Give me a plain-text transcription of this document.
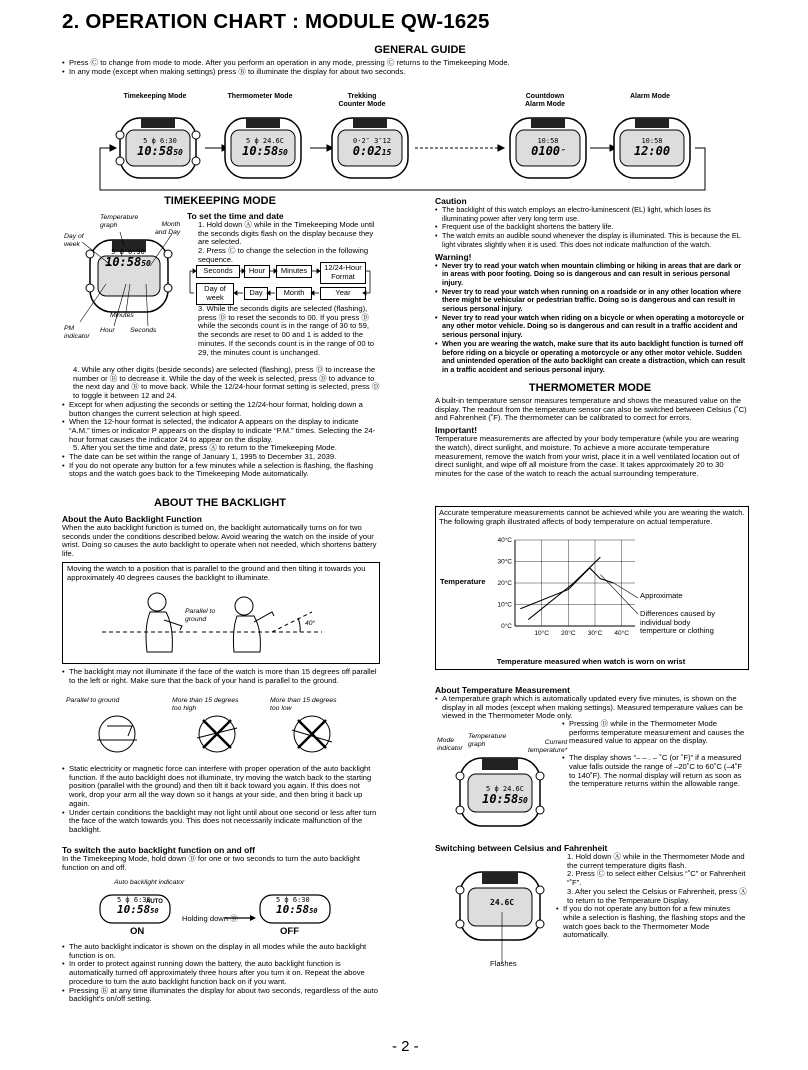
2. OPERATION CHART : MODULE QW-1625
GENERAL GUIDE
• Press Ⓒ to change from mode to mode. After you perform an operation in any mode, pressing Ⓒ returns to the Timekeeping Mode.
• In any mode (except when making settings) press Ⓑ to illuminate the display for about two seconds.
Timekeeping Mode	Thermometer Mode	Trekking
Counter Mode
Countdown
Alarm Mode
Alarm Mode
5 ф 6:30
10:5850
5 ф 24.6C
10:5850
0·2″ 3″12
0:0215
10:58
0100″
10:58
12:00
TIMEKEEPING MODE
5 ф 6:30
10:5850
Temperature
graph
Day of
week
Month
and Day
Minutes
PM
indicator
Hour Seconds
To set the time and date
1. Hold down Ⓐ while in the Timekeeping Mode until the seconds digits flash on the display because they are selected.
2. Press Ⓒ to change the selection in the following sequence.
Seconds	Hour	Minutes	12/24-Hour
Format
Day of
week
Day	Month	Year
3. While the seconds digits are selected (flashing), press Ⓓ to reset the seconds to 00. If you press Ⓓ while the seconds count is in the range of 30 to 59, the seconds are reset to 00 and 1 is added to the minutes. If the seconds count is in the range of 00 to 29, the minutes count is unchanged.
4. While any other digits (beside seconds) are selected (flashing), press Ⓓ to increase the number or Ⓑ to decrease it. While the day of the week is selected, press Ⓓ to advance to the next day and Ⓑ to move back. While the 12/24-hour format setting is selected, press Ⓓ to toggle it between 12 and 24.
• Except for when adjusting the seconds or setting the 12/24-hour format, holding down a button changes the current selection at high speed.
• When the 12-hour format is selected, the indicator A appears on the display to indicate “A.M.” times or indicator P appears on the display to indicate “P.M.” times. Selecting the 24-hour format causes the indicator 24 to appear on the display.
5. After you set the time and date, press Ⓐ to return to the Timekeeping Mode.
• The date can be set within the range of January 1, 1995 to December 31, 2039.
• If you do not operate any button for a few minutes while a selection is flashing, the flashing stops and the watch goes back to the Timekeeping Mode automatically.
ABOUT THE BACKLIGHT
About the Auto Backlight Function
When the auto backlight function is turned on, the backlight automatically turns on for two seconds under the conditions described below. Avoid wearing the watch on the inside of your wrist. Doing so causes the auto backlight to operate when not needed, which shortens battery life.
Moving the watch to a position that is parallel to the ground and then tilting it towards you approximately 40 degrees causes the backlight to illuminate.
Parallel to
ground
40°
• The backlight may not illuminate if the face of the watch is more than 15 degrees off parallel to the left or right. Make sure that the back of your hand is parallel to the ground.
Parallel to ground	More than 15 degrees
too high
More than 15 degrees
too low
• Static electricity or magnetic force can interfere with proper operation of the auto backlight function. If the auto backlight does not illuminate, try moving the watch back to the starting position (parallel with the ground) and then tilt it back toward you again. If this does not work, drop your arm all the way down so it hangs at your side, and then bring it back up again.
• Under certain conditions the backlight may not light until about one second or less after turn the face of the watch towards you. This does not necessarily indicate malfunction of the backlight.
To switch the auto backlight function on and off
In the Timekeeping Mode, hold down Ⓓ for one or two seconds to turn the auto backlight function on and off.
Auto backlight indicator
5 ф 6:30
10:5850
AUTO
Holding down Ⓓ
5 ф 6:30
10:5850
ON	OFF
• The auto backlight indicator is shown on the display in all modes while the auto backlight function is on.
• In order to protect against running down the battery, the auto backlight function is automatically turned off approximately three hours after you turn it on. Repeat the above procedure to turn the auto backlight function back on if you want.
• Pressing Ⓑ at any time illuminates the display for about two seconds, regardless of the auto backlight's on/off setting.
Caution
• The backlight of this watch employs an electro-luminescent (EL) light, which loses its illuminating power after very long term use.
• Frequent use of the backlight shortens the battery life.
• The watch emits an audible sound whenever the display is illuminated. This is because the EL light vibrates slightly when it is used. This does not indicate malfunction of the watch.
Warning!
• Never try to read your watch when mountain climbing or hiking in areas that are dark or in areas with poor footing. Doing so is dangerous and can result in serious personal injury.
• Never try to read your watch when running on a roadside or in any other location where there might be vehicular or pedestrian traffic. Doing so is dangerous and can result in serious personal injury.
• Never try to read your watch when riding on a bicycle or when operating a motorcycle or any other motor vehicle. Doing so is dangerous and can result in a traffic accident and serious personal injury.
• When you are wearing the watch, make sure that its auto backlight function is turned off before riding on a bicycle or operating a motorcycle or any other motor vehicle. Sudden and unintended operation of the auto backlight can create a distraction, which can result in a traffic accident and serious personal injury.
THERMOMETER MODE
A built-in temperature sensor measures temperature and shows the measured value on the display. The readout from the temperature sensor can also be switched between Celsius (˚C) and Fahrenheit (˚F). The thermometer can be calibrated to correct for errors.
Important!
Temperature measurements are affected by your body temperature (while you are wearing the watch), direct sunlight, and moisture. To achieve a more accurate temperature measurement, remove the watch from your wrist, place it in a well ventilated location out of direct sunlight, and wipe off all moisture from the case. It takes approximately 20 to 30 minutes for the case of the watch to reach the actual surrounding temperature.
Accurate temperature measurements cannot be achieved while you are wearing the watch. The following graph illustrated affects of body temperature on actual temperature.
0°C
10°C
20°C
30°C
40°C
10°C 20°C 30°C 40°C
Temperature
Approximate
Differences caused by
individual body
temperture or clothing
Temperature measured when watch is worn on wrist
About Temperature Measurement
• A temperature graph which is automatically updated every five minutes, is shown on the display in all modes (except when making settings). Measured temperature values can be viewed in the Thermometer Mode only.
• Pressing Ⓓ while in the Thermometer Mode performs temperature measurement and causes the measured value to appear on the display.
• The display shows “– – . – ˚C (or ˚F)” if a measured value falls outside the range of –20˚C to 60˚C (–4˚F to 140˚F). The normal display will return as soon as the temperature returns within the allowable range.
Mode
indicator
Temperature
graph	Current
temperature*
5 ф 24.6C
10:5850
Switching between Celsius and Fahrenheit
1. Hold down Ⓐ while in the Thermometer Mode and the current temperature digits flash.
2. Press Ⓒ to select either Celsius “˚C” or Fahrenheit “˚F”.
3. After you select the Celsius or Fahrenheit, press Ⓐ to return to the Temperature Display.
• If you do not operate any button for a few minutes while a selection is flashing, the flashing stops and the watch goes back to the Thermometer Mode automatically.
24.6C
Flashes
- 2 -
